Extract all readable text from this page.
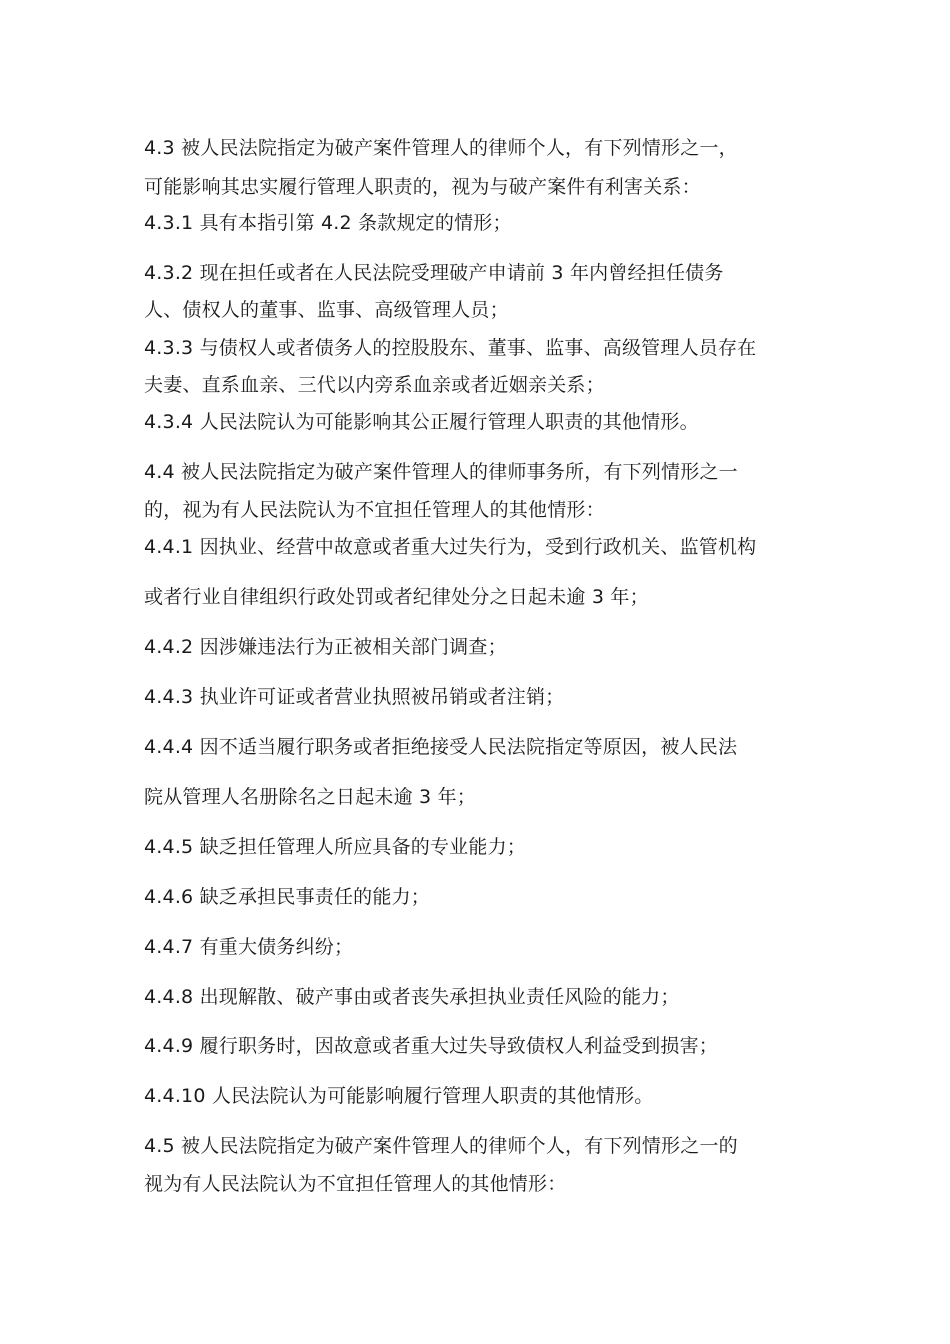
4.3 被人民法院指定为破产案件管理人的律师个人，有下列情形之一，
可能影响其忠实履行管理人职责的，视为与破产案件有利害关系：
4.3.1 具有本指引第 4.2 条款规定的情形；
4.3.2 现在担任或者在人民法院受理破产申请前 3 年内曾经担任债务
人、债权人的董事、监事、高级管理人员；
4.3.3 与债权人或者债务人的控股股东、董事、监事、高级管理人员存在
夫妻、直系血亲、三代以内旁系血亲或者近姻亲关系；
4.3.4 人民法院认为可能影响其公正履行管理人职责的其他情形。
4.4 被人民法院指定为破产案件管理人的律师事务所，有下列情形之一
的，视为有人民法院认为不宜担任管理人的其他情形：
4.4.1 因执业、经营中故意或者重大过失行为，受到行政机关、监管机构
或者行业自律组织行政处罚或者纪律处分之日起未逾 3 年；
4.4.2 因涉嫌违法行为正被相关部门调查；
4.4.3 执业许可证或者营业执照被吊销或者注销；
4.4.4 因不适当履行职务或者拒绝接受人民法院指定等原因，被人民法
院从管理人名册除名之日起未逾 3 年；
4.4.5 缺乏担任管理人所应具备的专业能力；
4.4.6 缺乏承担民事责任的能力；
4.4.7 有重大债务纠纷；
4.4.8 出现解散、破产事由或者丧失承担执业责任风险的能力；
4.4.9 履行职务时，因故意或者重大过失导致债权人利益受到损害；
4.4.10 人民法院认为可能影响履行管理人职责的其他情形。
4.5 被人民法院指定为破产案件管理人的律师个人，有下列情形之一的
视为有人民法院认为不宜担任管理人的其他情形：
